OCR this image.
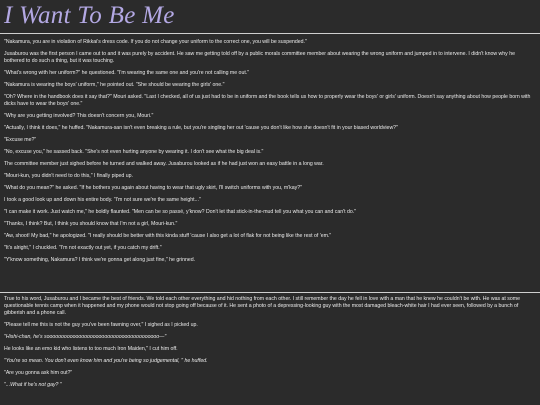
I Want To Be Me

"Nakamura, you are in violation of Rikkai's dress code. If you do not change your uniform to the correct one, you will be suspended."

Jusaburou was the first person I came out to and it was purely by accident. He saw me getting told off by a public morals committee member about wearing the wrong uniform and jumped in to intervene. I didn't know why he bothered to do such a thing, but it was touching.

"What's wrong with her uniform?" he questioned. "I'm wearing the same one and you're not calling me out."

"Nakamura is wearing the boys' uniform," he pointed out. "She should be wearing the girls' one."

"Oh? Where in the handbook does it say that?" Mouri asked. "Last I checked, all of us just had to be in uniform and the book tells us how to properly wear the boys' or girls' uniform. Doesn't say anything about how people born with dicks have to wear the boys' one."

"Why are you getting involved? This doesn't concern you, Mouri."

"Actually, I think it does," he huffed. "Nakamura-san isn't even breaking a rule, but you're singling her out 'cause you don't like how she doesn't fit in your biased worldview?"

"Excuse me?"

"No, excuse you," he sassed back. "She's not even hurting anyone by wearing it. I don't see what the big deal is."

The committee member just sighed before he turned and walked away. Jusaburou looked as if he had just won an easy battle in a long war.

"Mouri-kun, you didn't need to do this," I finally piped up.

"What do you mean?" he asked. "If he bothers you again about having to wear that ugly skirt, I'll switch uniforms with you, m'kay?"

I took a good look up and down his entire body. "I'm not sure we're the same height..."

"I can make it work. Just watch me," he boldly flaunted. "Men can be so passé, y'know? Don't let that stick-in-the-mud tell you what you can and can't do."

"Thanks, I think? But, I think you should know that I'm not a girl, Mouri-kun."

"Aw, shoot! My bad," he apologized. "I really should be better with this kinda stuff 'cause I also get a lot of flak for not being like the rest of 'em."

"It's alright," I chuckled. "I'm not exactly out yet, if you catch my drift."

"Y'know something, Nakamura? I think we're gonna get along just fine," he grinned.

True to his word, Jusaburou and I became the best of friends. We told each other everything and hid nothing from each other. I still remember the day he fell in love with a man that he knew he couldn't be with. He was at some questionable tennis camp when it happened and my phone would not stop going off because of it. He sent a photo of a depressing-looking guy with the most damaged bleach-white hair I had ever seen, followed by a bunch of gibberish and a phone call.

"Please tell me this is not the guy you've been fawning over," I sighed as I picked up.

"Hishi-chan, he's sooooooooooooooooooooooooooooooooooooooo—"

He looks like an emo kid who listens to too much Iron Maiden," I cut him off.

"You're so mean. You don't even know him and you're being so judgemental, " he huffed.

"Are you gonna ask him out?"

"...What if he's not gay? "
